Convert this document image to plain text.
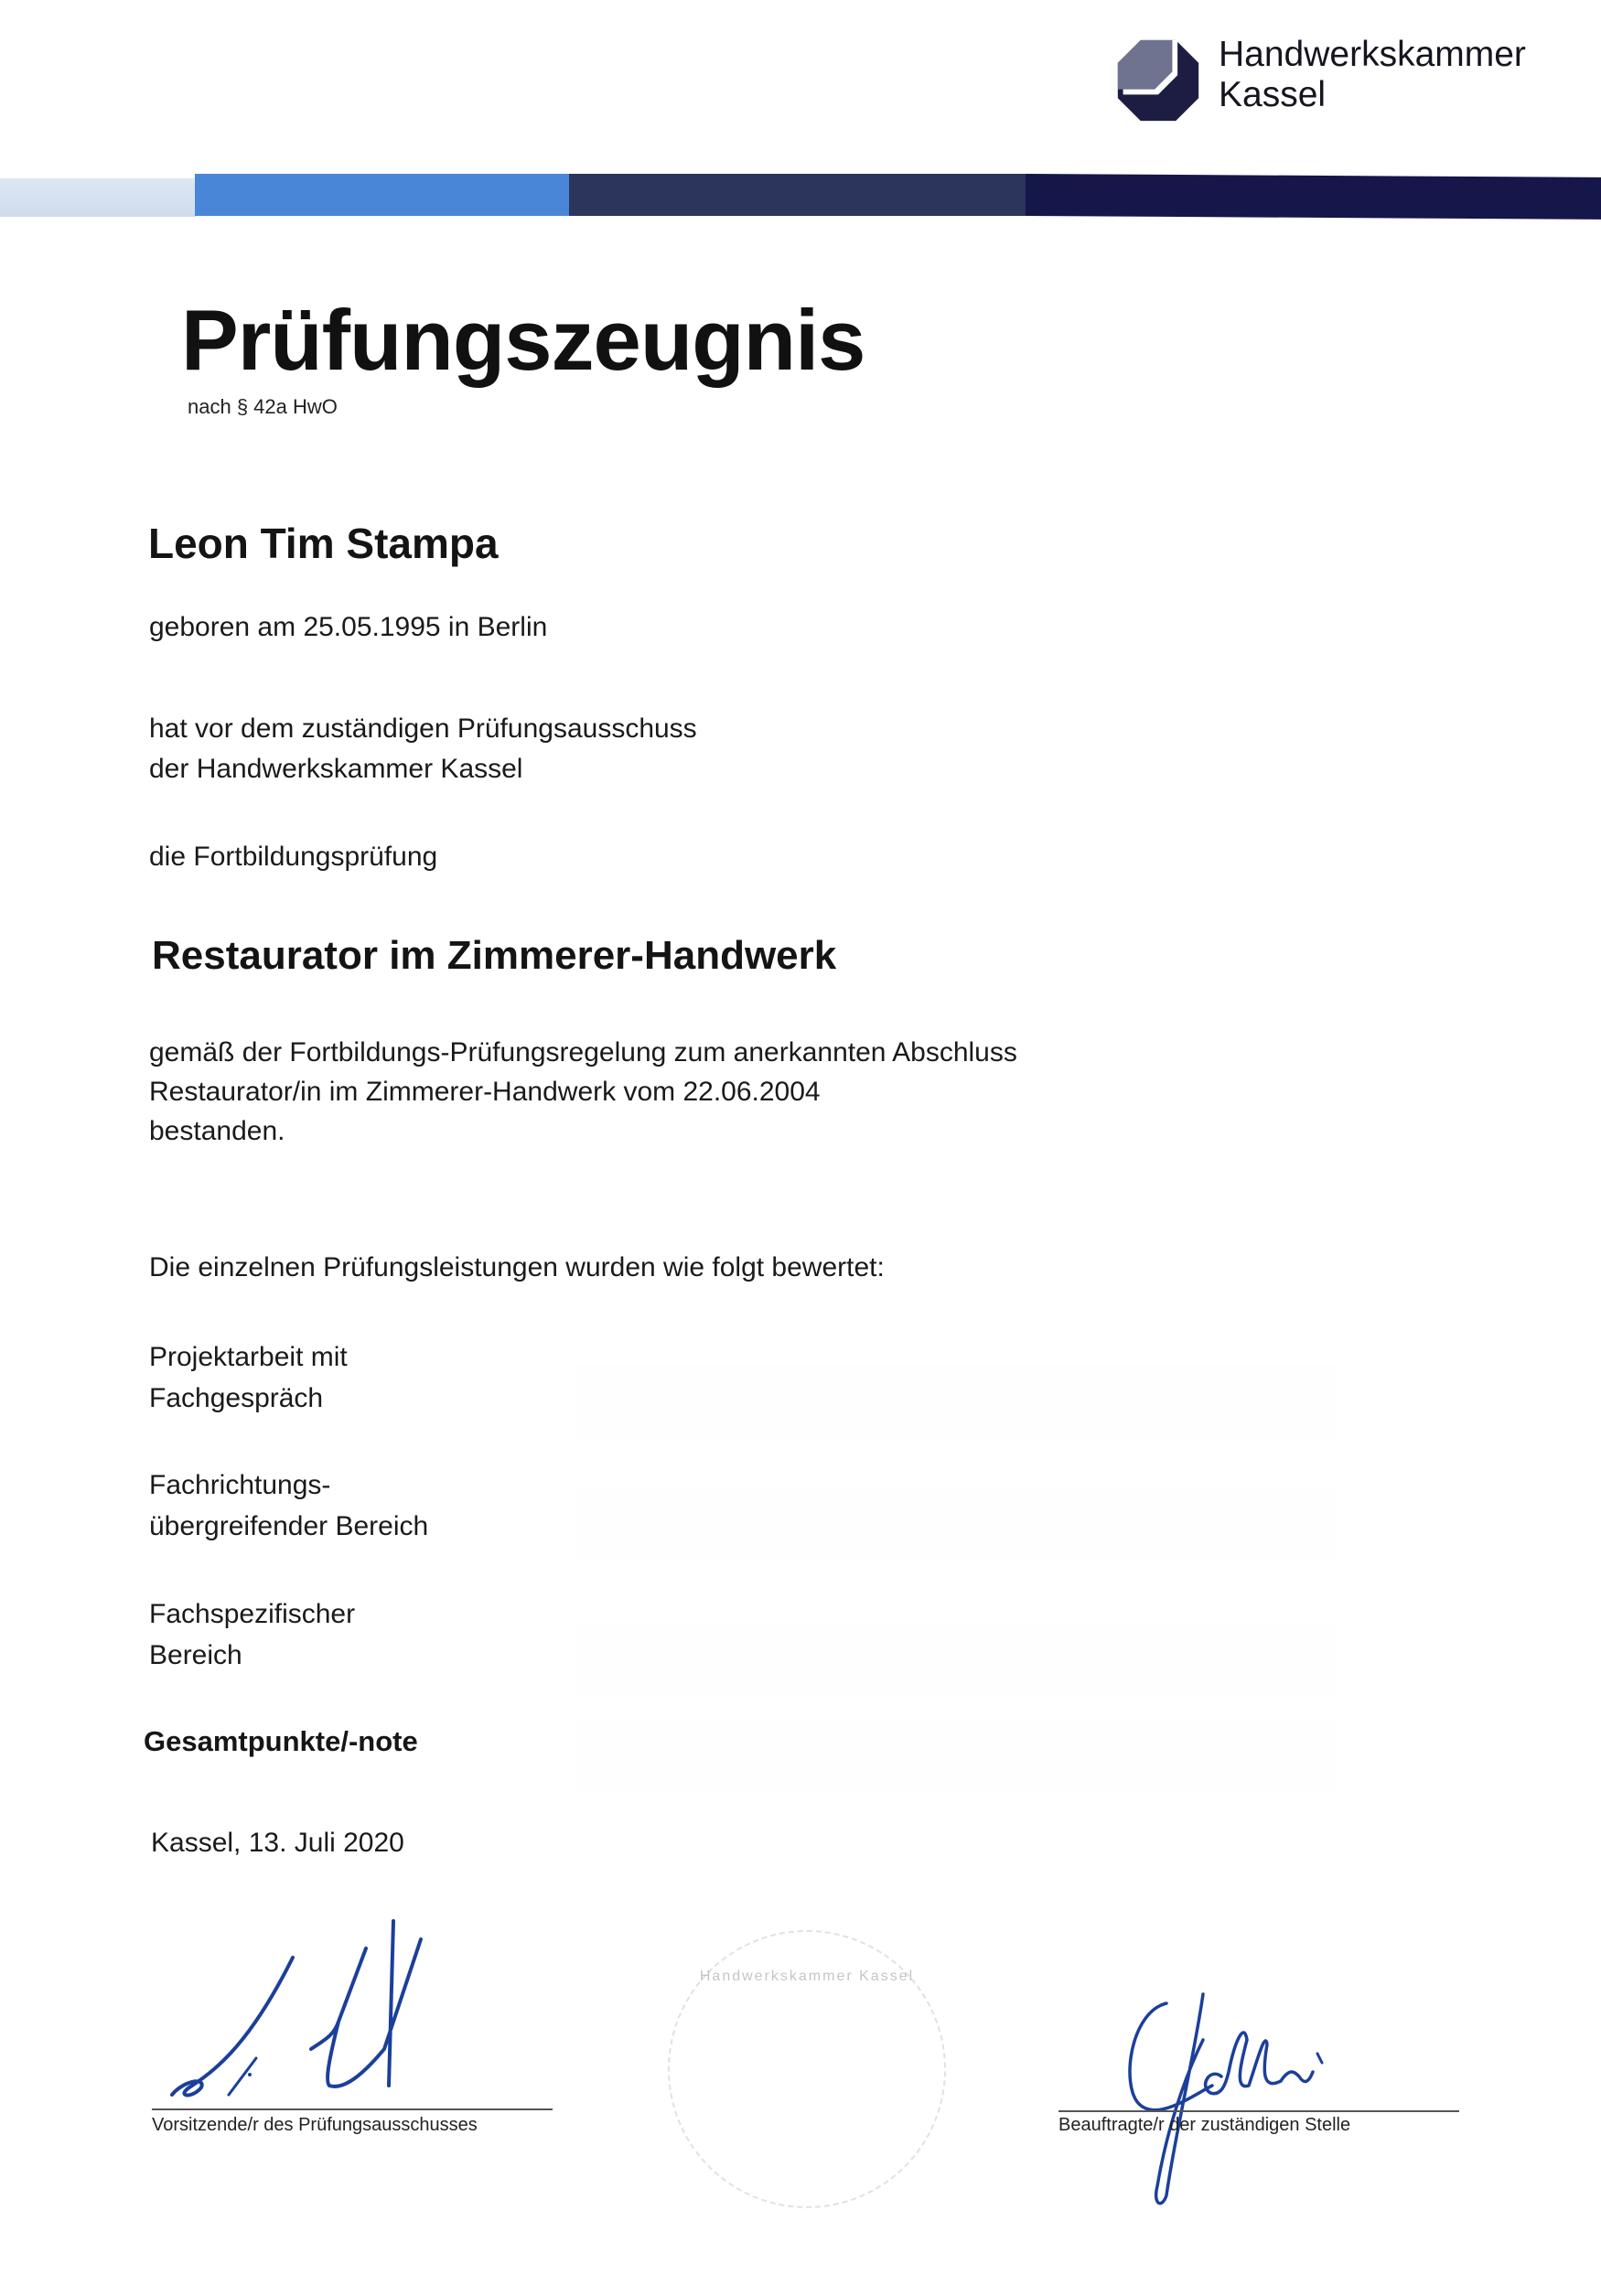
Handwerkskammer
Kassel
Prüfungszeugnis
nach § 42a HwO
Leon Tim Stampa
geboren am 25.05.1995 in Berlin
hat vor dem zuständigen Prüfungsausschuss
der Handwerkskammer Kassel
die Fortbildungsprüfung
Restaurator im Zimmerer-Handwerk
gemäß der Fortbildungs-Prüfungsregelung zum anerkannten Abschluss
Restaurator/in im Zimmerer-Handwerk vom 22.06.2004
bestanden.
Die einzelnen Prüfungsleistungen wurden wie folgt bewertet:
Projektarbeit mit
Fachgespräch
Fachrichtungs-
übergreifender Bereich
Fachspezifischer
Bereich
Gesamtpunkte/-note
Kassel, 13. Juli 2020
Vorsitzende/r des Prüfungsausschusses
Handwerkskammer Kassel
Beauftragte/r der zuständigen Stelle
